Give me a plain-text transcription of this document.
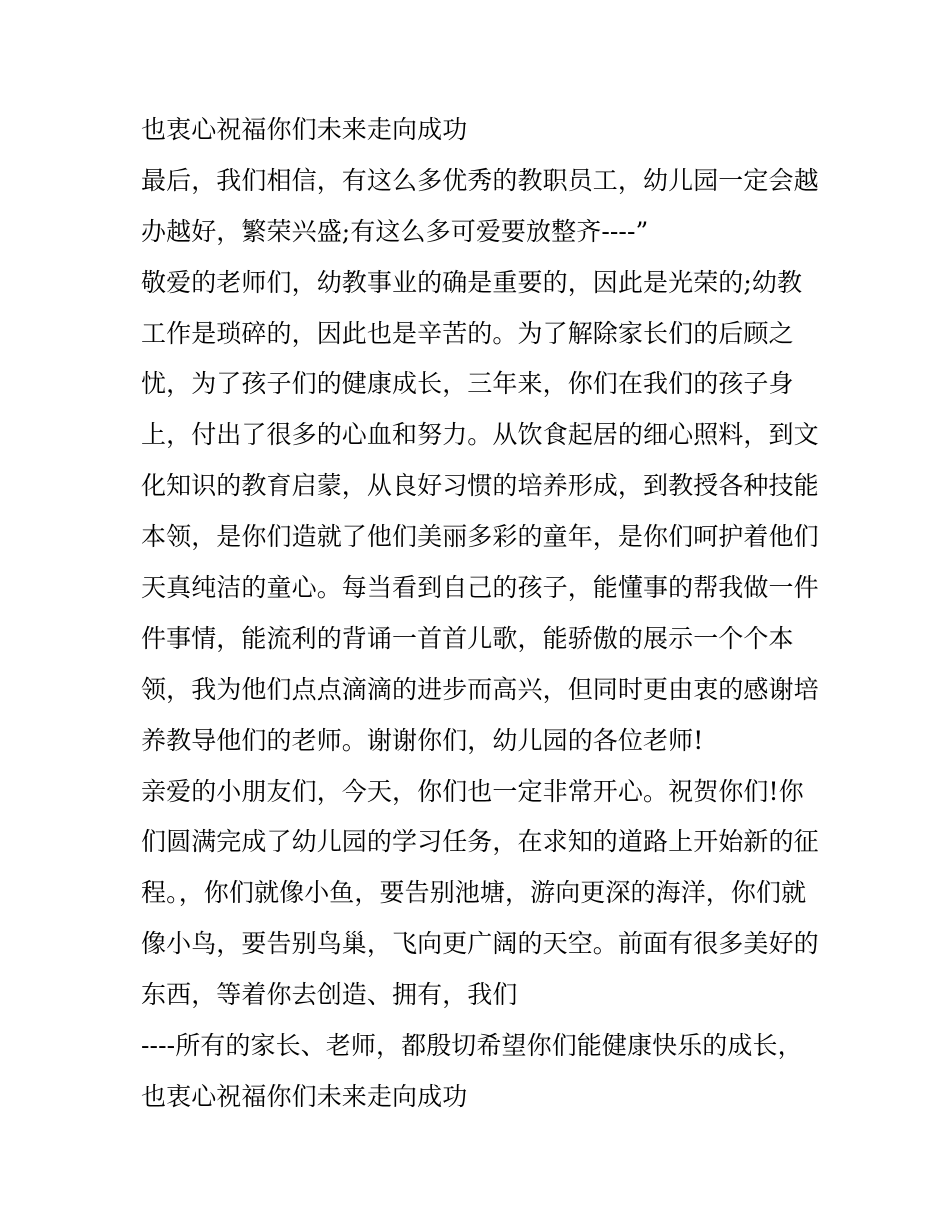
也衷心祝福你们未来走向成功
最后，我们相信，有这么多优秀的教职员工，幼儿园一定会越
办越好，繁荣兴盛;有这么多可爱要放整齐----”
敬爱的老师们，幼教事业的确是重要的，因此是光荣的;幼教
工作是琐碎的，因此也是辛苦的。为了解除家长们的后顾之
忧，为了孩子们的健康成长，三年来，你们在我们的孩子身
上，付出了很多的心血和努力。从饮食起居的细心照料，到文
化知识的教育启蒙，从良好习惯的培养形成，到教授各种技能
本领，是你们造就了他们美丽多彩的童年，是你们呵护着他们
天真纯洁的童心。每当看到自己的孩子，能懂事的帮我做一件
件事情，能流利的背诵一首首儿歌，能骄傲的展示一个个本
领，我为他们点点滴滴的进步而高兴，但同时更由衷的感谢培
养教导他们的老师。谢谢你们，幼儿园的各位老师!
亲爱的小朋友们，今天，你们也一定非常开心。祝贺你们!你
们圆满完成了幼儿园的学习任务，在求知的道路上开始新的征
程。，你们就像小鱼，要告别池塘，游向更深的海洋，你们就
像小鸟，要告别鸟巢，飞向更广阔的天空。前面有很多美好的
东西，等着你去创造、拥有，我们
----所有的家长、老师，都殷切希望你们能健康快乐的成长，
也衷心祝福你们未来走向成功
